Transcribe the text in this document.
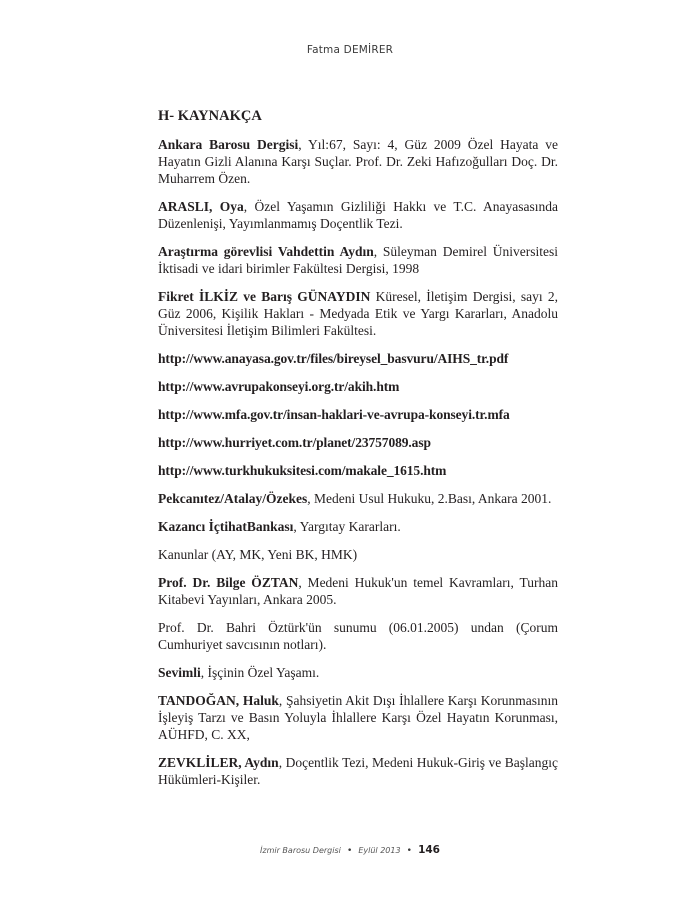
Fatma DEMİRER
H- KAYNAKÇA

Ankara Barosu Dergisi, Yıl:67, Sayı: 4, Güz 2009 Özel Hayata ve Hayatın Gizli Alanına Karşı Suçlar. Prof. Dr. Zeki Hafızoğulları Doç. Dr. Muharrem Özen.

ARASLI, Oya, Özel Yaşamın Gizliliği Hakkı ve T.C. Anayasasında Düzenlenişi, Yayımlanmamış Doçentlik Tezi.

Araştırma görevlisi Vahdettin Aydın, Süleyman Demirel Üniversitesi İktisadi ve idari birimler Fakültesi Dergisi, 1998

Fikret İLKİZ ve Barış GÜNAYDIN Küresel, İletişim Dergisi, sayı 2, Güz 2006, Kişilik Hakları - Medyada Etik ve Yargı Kararları, Anadolu Üniversitesi İletişim Bilimleri Fakültesi.

http://www.anayasa.gov.tr/files/bireysel_basvuru/AIHS_tr.pdf

http://www.avrupakonseyi.org.tr/akih.htm

http://www.mfa.gov.tr/insan-haklari-ve-avrupa-konseyi.tr.mfa

http://www.hurriyet.com.tr/planet/23757089.asp

http://www.turkhukuksitesi.com/makale_1615.htm

Pekcanıtez/Atalay/Özekes, Medeni Usul Hukuku, 2.Bası, Ankara 2001.

Kazancı İçtihatBankası, Yargıtay Kararları.

Kanunlar (AY, MK, Yeni BK, HMK)

Prof. Dr. Bilge ÖZTAN, Medeni Hukuk'un temel Kavramları, Turhan Kitabevi Yayınları, Ankara 2005.

Prof. Dr. Bahri Öztürk'ün sunumu (06.01.2005) undan (Çorum Cumhuriyet savcısının notları).

Sevimli, İşçinin Özel Yaşamı.

TANDOĞAN, Haluk, Şahsiyetin Akit Dışı İhlallere Karşı Korunmasının İşleyiş Tarzı ve Basın Yoluyla İhlallere Karşı Özel Hayatın Korunması, AÜHFD, C. XX,

ZEVKLİLER, Aydın, Doçentlik Tezi, Medeni Hukuk-Giriş ve Başlangıç Hükümleri-Kişiler.

İzmir Barosu Dergisi • Eylül 2013 • 146
